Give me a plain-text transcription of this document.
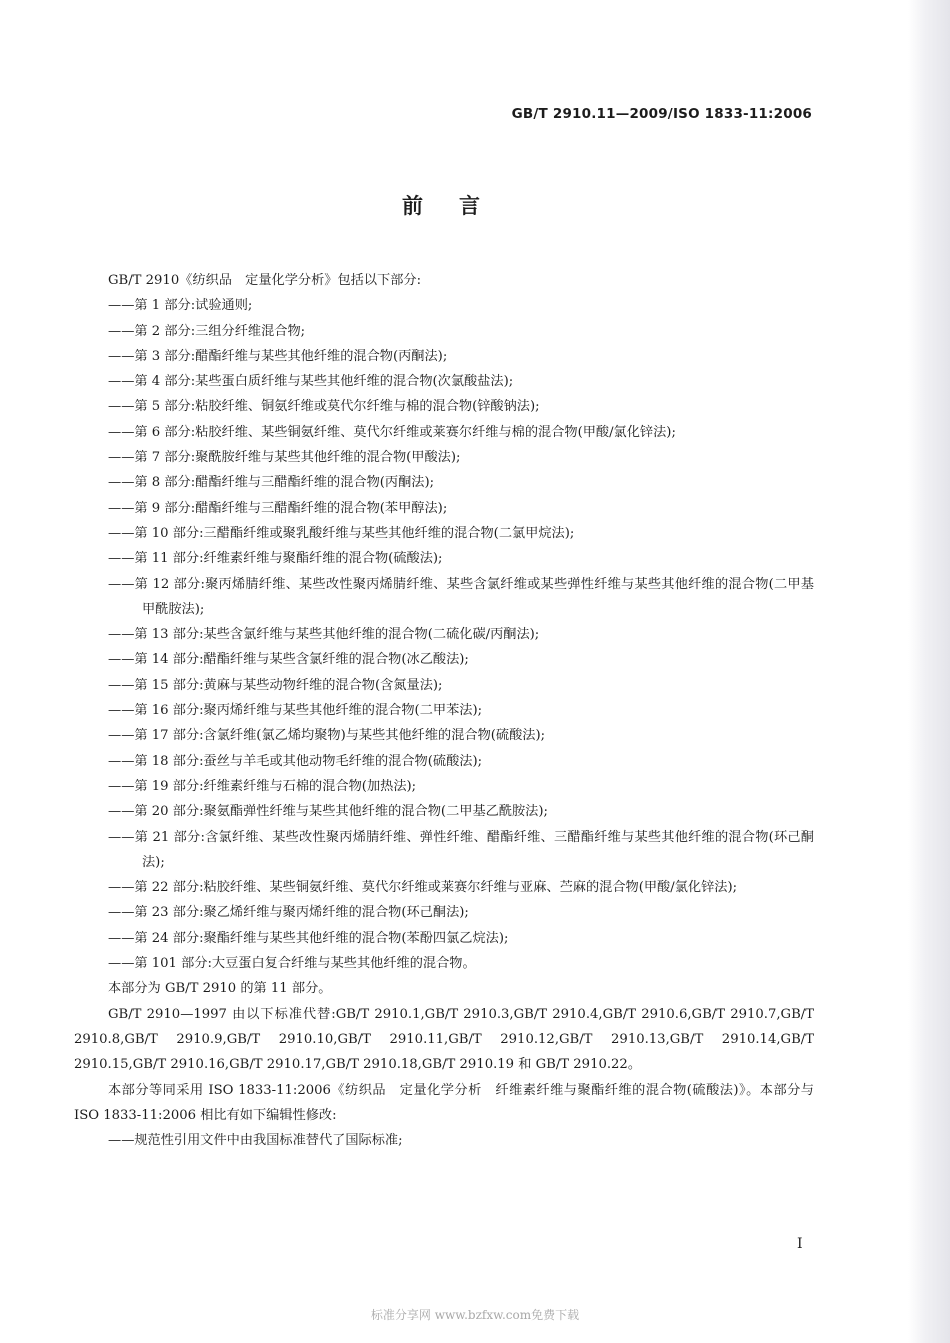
GB/T 2910.11—2009/ISO 1833-11:2006
前言

GB/T 2910《纺织品　定量化学分析》包括以下部分:

——第 1 部分:试验通则;

——第 2 部分:三组分纤维混合物;

——第 3 部分:醋酯纤维与某些其他纤维的混合物(丙酮法);

——第 4 部分:某些蛋白质纤维与某些其他纤维的混合物(次氯酸盐法);

——第 5 部分:粘胶纤维、铜氨纤维或莫代尔纤维与棉的混合物(锌酸钠法);

——第 6 部分:粘胶纤维、某些铜氨纤维、莫代尔纤维或莱赛尔纤维与棉的混合物(甲酸/氯化锌法);

——第 7 部分:聚酰胺纤维与某些其他纤维的混合物(甲酸法);

——第 8 部分:醋酯纤维与三醋酯纤维的混合物(丙酮法);

——第 9 部分:醋酯纤维与三醋酯纤维的混合物(苯甲醇法);

——第 10 部分:三醋酯纤维或聚乳酸纤维与某些其他纤维的混合物(二氯甲烷法);

——第 11 部分:纤维素纤维与聚酯纤维的混合物(硫酸法);

——第 12 部分:聚丙烯腈纤维、某些改性聚丙烯腈纤维、某些含氯纤维或某些弹性纤维与某些其他纤维的混合物(二甲基甲酰胺法);

——第 13 部分:某些含氯纤维与某些其他纤维的混合物(二硫化碳/丙酮法);

——第 14 部分:醋酯纤维与某些含氯纤维的混合物(冰乙酸法);

——第 15 部分:黄麻与某些动物纤维的混合物(含氮量法);

——第 16 部分:聚丙烯纤维与某些其他纤维的混合物(二甲苯法);

——第 17 部分:含氯纤维(氯乙烯均聚物)与某些其他纤维的混合物(硫酸法);

——第 18 部分:蚕丝与羊毛或其他动物毛纤维的混合物(硫酸法);

——第 19 部分:纤维素纤维与石棉的混合物(加热法);

——第 20 部分:聚氨酯弹性纤维与某些其他纤维的混合物(二甲基乙酰胺法);

——第 21 部分:含氯纤维、某些改性聚丙烯腈纤维、弹性纤维、醋酯纤维、三醋酯纤维与某些其他纤维的混合物(环己酮法);

——第 22 部分:粘胶纤维、某些铜氨纤维、莫代尔纤维或莱赛尔纤维与亚麻、苎麻的混合物(甲酸/氯化锌法);

——第 23 部分:聚乙烯纤维与聚丙烯纤维的混合物(环己酮法);

——第 24 部分:聚酯纤维与某些其他纤维的混合物(苯酚四氯乙烷法);

——第 101 部分:大豆蛋白复合纤维与某些其他纤维的混合物。

本部分为 GB/T 2910 的第 11 部分。

GB/T 2910—1997 由以下标准代替:GB/T 2910.1,GB/T 2910.3,GB/T 2910.4,GB/T 2910.6,GB/T 2910.7,GB/T 2910.8,GB/T 2910.9,GB/T 2910.10,GB/T 2910.11,GB/T 2910.12,GB/T 2910.13,GB/T 2910.14,GB/T 2910.15,GB/T 2910.16,GB/T 2910.17,GB/T 2910.18,GB/T 2910.19 和 GB/T 2910.22。

本部分等同采用 ISO 1833-11:2006《纺织品　定量化学分析　纤维素纤维与聚酯纤维的混合物(硫酸法)》。本部分与 ISO 1833-11:2006 相比有如下编辑性修改:

——规范性引用文件中由我国标准替代了国际标准;

I
标准分享网 www.bzfxw.com免费下载
